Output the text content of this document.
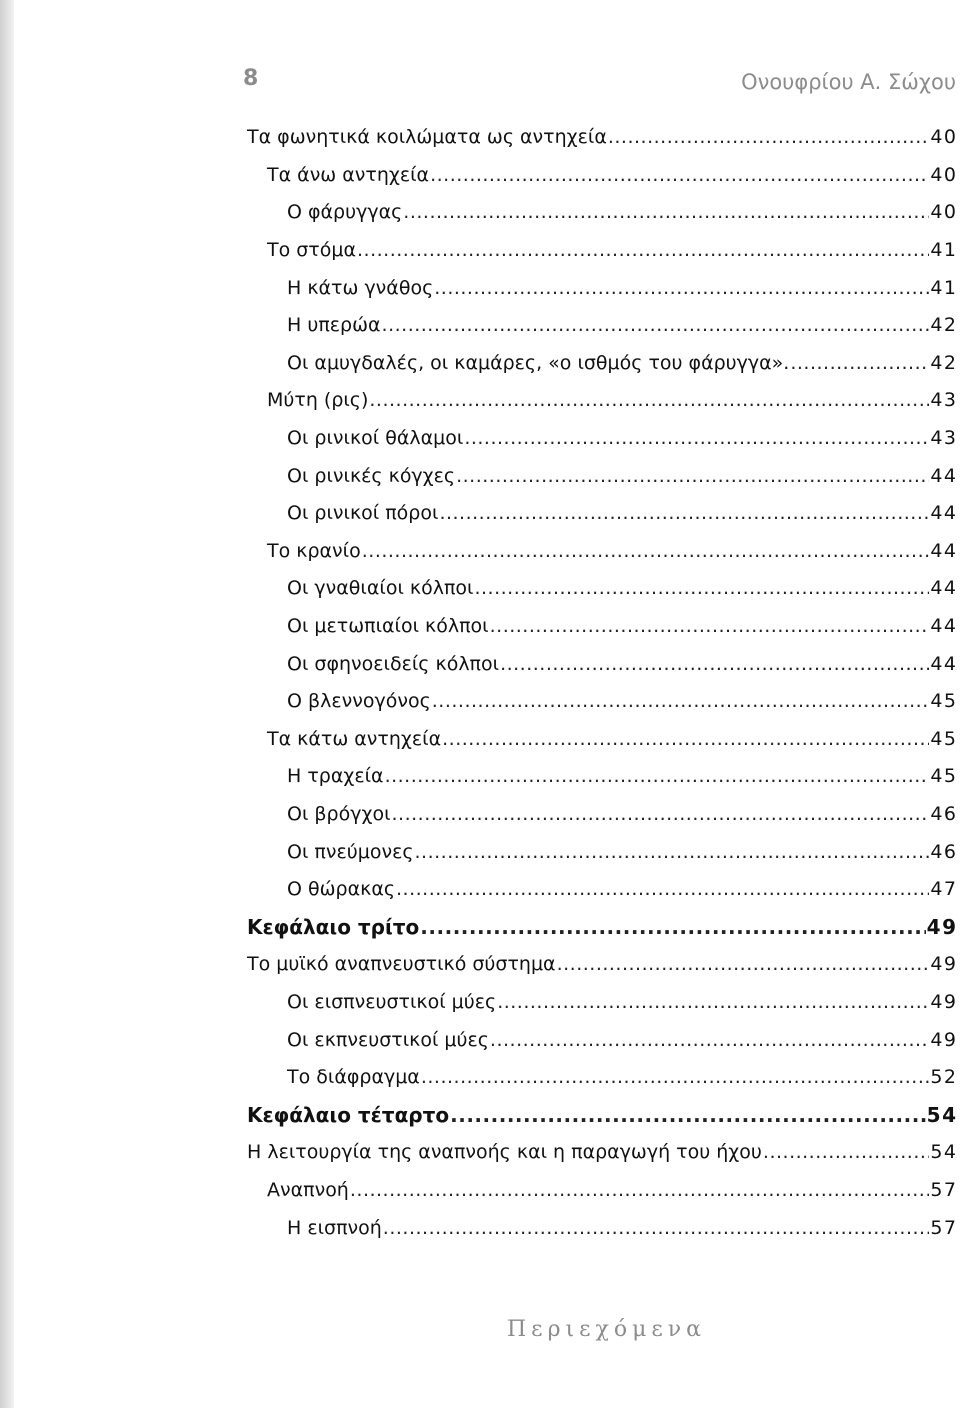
8	Ονουφρίου Α. Σώχου
Τα φωνητικά κοιλώματα ως αντηχεία .....	40
Τα άνω αντηχεία .....	40
Ο φάρυγγας .....	40
Το στόμα .....	41
Η κάτω γνάθος .....	41
Η υπερώα .....	42
Οι αμυγδαλές, οι καμάρες, «ο ισθμός του φάρυγγα». .....	42
Μύτη (ρις) .....	43
Οι ρινικοί θάλαμοι .....	43
Οι ρινικές κόγχες .....	44
Οι ρινικοί πόροι .....	44
Το κρανίο .....	44
Οι γναθιαίοι κόλποι .....	44
Οι μετωπιαίοι κόλποι .....	44
Οι σφηνοειδείς κόλποι .....	44
Ο βλεννογόνος .....	45
Τα κάτω αντηχεία .....	45
Η τραχεία .....	45
Οι βρόγχοι .....	46
Οι πνεύμονες .....	46
Ο θώρακας .....	47
Κεφάλαιο τρίτο .....	49
Το μυϊκό αναπνευστικό σύστημα .....	49
Οι εισπνευστικοί μύες .....	49
Οι εκπνευστικοί μύες .....	49
Το διάφραγμα .....	52
Κεφάλαιο τέταρτο .....	54
Η λειτουργία της αναπνοής και η παραγωγή του ήχου .....	54
Αναπνοή .....	57
Η εισπνοή .....	57
Περιεχόμενα
